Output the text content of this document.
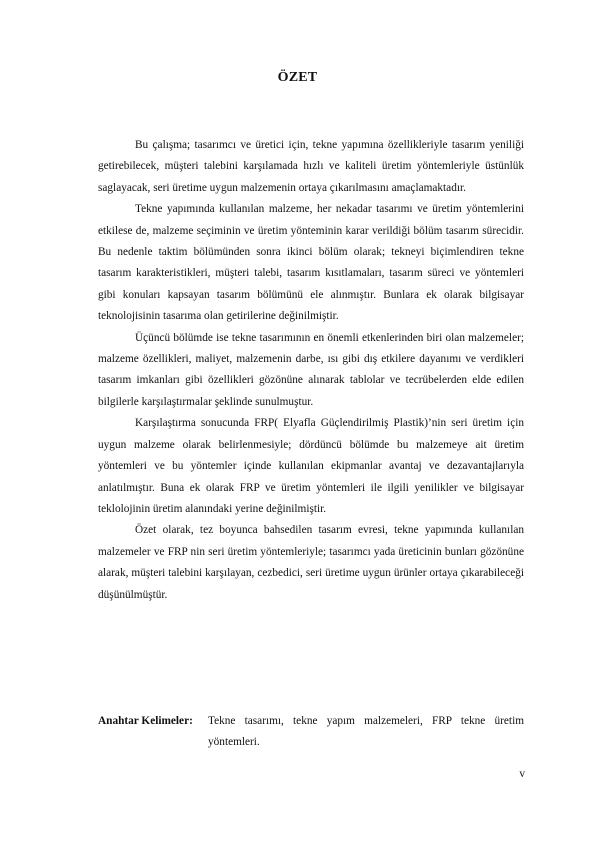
ÖZET

Bu çalışma; tasarımcı ve üretici için, tekne yapımına özellikleriyle tasarım yeniliği getirebilecek, müşteri talebini karşılamada hızlı ve kaliteli üretim yöntemleriyle üstünlük saglayacak, seri üretime uygun malzemenin ortaya çıkarılmasını amaçlamaktadır.

Tekne yapımında kullanılan malzeme, her nekadar tasarımı ve üretim yöntemlerini etkilese de, malzeme seçiminin ve üretim yönteminin karar verildiği bölüm tasarım sürecidir. Bu nedenle taktim bölümünden sonra ikinci bölüm olarak; tekneyi biçimlendiren tekne tasarım karakteristikleri, müşteri talebi, tasarım kısıtlamaları, tasarım süreci ve yöntemleri gibi konuları kapsayan tasarım bölümünü ele alınmıştır. Bunlara ek olarak bilgisayar teknolojisinin tasarıma olan getirilerine değinilmiştir.

Üçüncü bölümde ise tekne tasarımının en önemli etkenlerinden biri olan malzemeler; malzeme özellikleri, maliyet, malzemenin darbe, ısı gibi dış etkilere dayanımı ve verdikleri tasarım imkanları gibi özellikleri gözönüne alınarak tablolar ve tecrübelerden elde edilen bilgilerle karşılaştırmalar şeklinde sunulmuştur.

Karşılaştırma sonucunda FRP( Elyafla Güçlendirilmiş Plastik)’nin seri üretim için uygun malzeme olarak belirlenmesiyle; dördüncü bölümde bu malzemeye ait üretim yöntemleri ve bu yöntemler içinde kullanılan ekipmanlar avantaj ve dezavantajlarıyla anlatılmıştır. Buna ek olarak FRP ve üretim yöntemleri ile ilgili yenilikler ve bilgisayar teklolojinin üretim alanındaki yerine değinilmiştir.

Özet olarak, tez boyunca bahsedilen tasarım evresi, tekne yapımında kullanılan malzemeler ve FRP nin seri üretim yöntemleriyle; tasarımcı yada üreticinin bunları gözönüne alarak, müşteri talebini karşılayan, cezbedici, seri üretime uygun ürünler ortaya çıkarabileceği düşünülmüştür.

Anahtar Kelimeler:	Tekne tasarımı, tekne yapım malzemeleri, FRP tekne üretim yöntemleri.
v
